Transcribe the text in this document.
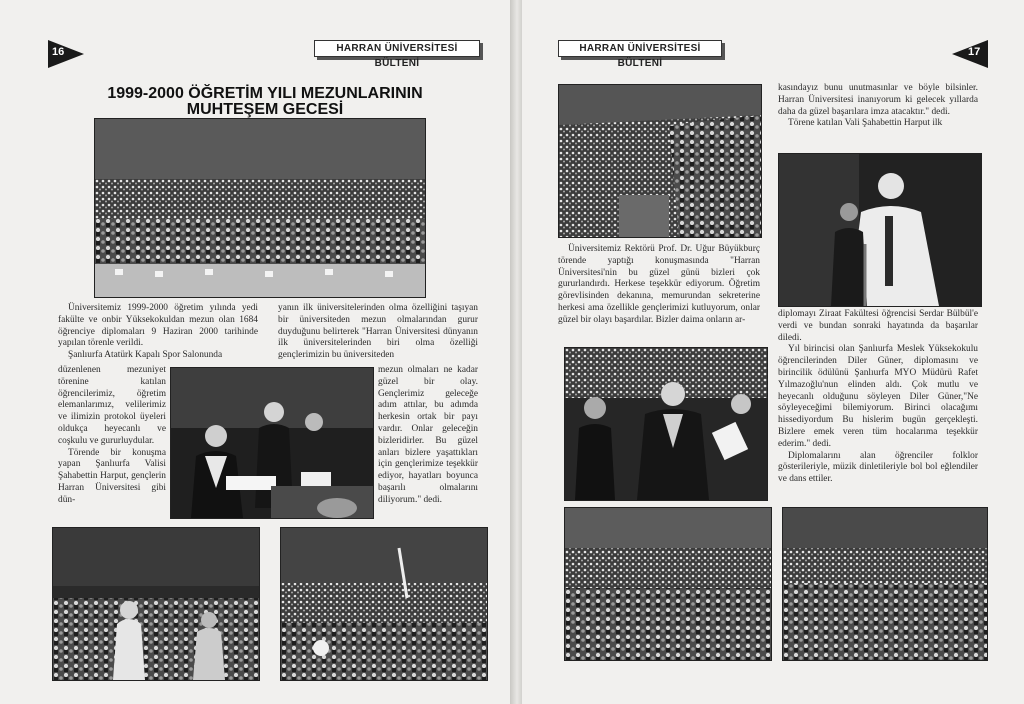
16	HARRAN ÜNİVERSİTESİ BÜLTENİ
1999-2000 ÖĞRETİM YILI MEZUNLARININ
MUHTEŞEM GECESİ

Üniversitemiz 1999-2000 öğretim yılında yedi fakülte ve onbir Yüksekokuldan mezun olan 1684 öğrenciye diplomaları 9 Haziran 2000 tarihinde yapılan törenle verildi.

Şanlıurfa Atatürk Kapalı Spor Salonunda

düzenlenen mezuniyet törenine katılan öğrencilerimiz, öğretim elemanlarımız, velilerimiz ve ilimizin protokol üyeleri oldukça heyecanlı ve coşkulu ve gururluydular.

Törende bir konuşma yapan Şanlıurfa Valisi Şahabettin Harput, gençlerin Harran Üniversitesi gibi dün-

yanın ilk üniversitelerinden olma özelliğini taşıyan bir üniversiteden mezun olmalarından gurur duyduğunu belirterek "Harran Üniversitesi dünyanın ilk üniversitelerinden biri olma özelliği gençlerimizin bu üniversiteden

mezun olmaları ne kadar güzel bir olay. Gençlerimiz geleceğe adım attılar, bu adımda herkesin ortak bir payı vardır. Onlar geleceğin bizleridirler. Bu güzel anları bizlere yaşattıkları için gençlerimize teşekkür ediyor, hayatları boyunca başarılı olmalarını diliyorum." dedi.

HARRAN ÜNİVERSİTESİ BÜLTENİ
17

Üniversitemiz Rektörü Prof. Dr. Uğur Büyükburç törende yaptığı konuşmasında "Harran Üniversitesi'nin bu güzel günü bizleri çok gururlandırdı. Herkese teşekkür ediyorum. Öğretim görevlisinden dekanına, memurundan sekreterine herkesi ama özellikle gençlerimizi kutluyorum, onlar güzel bir olayı başardılar. Bizler daima onların ar-

kasındayız bunu unutmasınlar ve böyle bilsinler. Harran Üniversitesi inanıyorum ki gelecek yıllarda daha da güzel başarılara imza atacaktır." dedi.

Törene katılan Vali Şahabettin Harput ilk

diplomayı Ziraat Fakültesi öğrencisi Serdar Bülbül'e verdi ve bundan sonraki hayatında da başarılar diledi.

Yıl birincisi olan Şanlıurfa Meslek Yüksekokulu öğrencilerinden Diler Güner, diplomasını ve birincilik ödülünü Şanlıurfa MYO Müdürü Rafet Yılmazoğlu'nun elinden aldı. Çok mutlu ve heyecanlı olduğunu söyleyen Diler Güner,"Ne söyleyeceğimi bilemiyorum. Birinci olacağımı hissediyordum Bu hislerim bugün gerçekleşti. Bizlere emek veren tüm hocalarıma teşekkür ederim." dedi.

Diplomalarını alan öğrenciler folklor gösterileriyle, müzik dinletileriyle bol bol eğlendiler ve dans ettiler.
